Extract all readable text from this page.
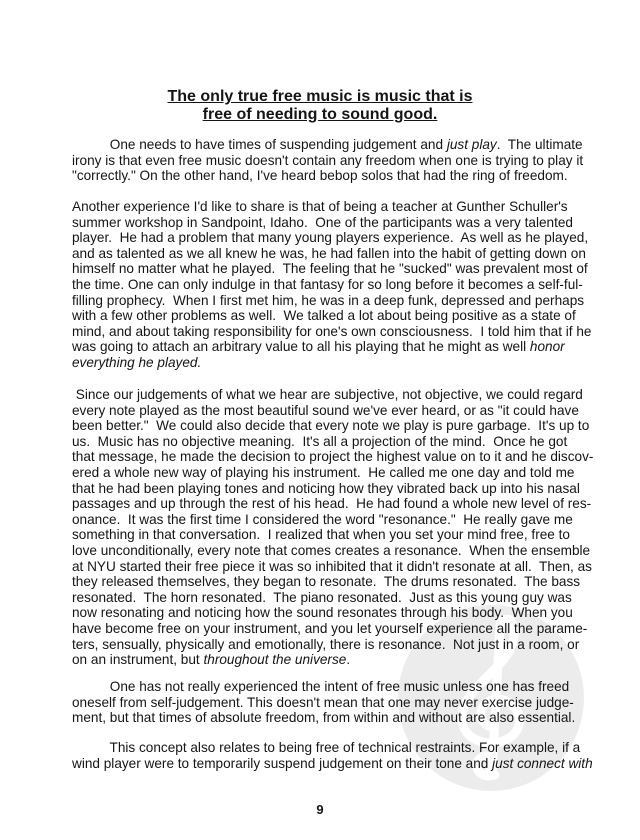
The only true free music is music that is
free of needing to sound good.
One needs to have times of suspending judgement and just play.  The ultimate
irony is that even free music doesn't contain any freedom when one is trying to play it
"correctly." On the other hand, I've heard bebop solos that had the ring of freedom.
Another experience I'd like to share is that of being a teacher at Gunther Schuller's
summer workshop in Sandpoint, Idaho.  One of the participants was a very talented
player.  He had a problem that many young players experience.  As well as he played,
and as talented as we all knew he was, he had fallen into the habit of getting down on
himself no matter what he played.  The feeling that he "sucked" was prevalent most of
the time. One can only indulge in that fantasy for so long before it becomes a self-ful-
filling prophecy.  When I first met him, he was in a deep funk, depressed and perhaps
with a few other problems as well.  We talked a lot about being positive as a state of
mind, and about taking responsibility for one's own consciousness.  I told him that if he
was going to attach an arbitrary value to all his playing that he might as well honor
everything he played.
Since our judgements of what we hear are subjective, not objective, we could regard
every note played as the most beautiful sound we've ever heard, or as "it could have
been better."  We could also decide that every note we play is pure garbage.  It's up to
us.  Music has no objective meaning.  It's all a projection of the mind.  Once he got
that message, he made the decision to project the highest value on to it and he discov-
ered a whole new way of playing his instrument.  He called me one day and told me
that he had been playing tones and noticing how they vibrated back up into his nasal
passages and up through the rest of his head.  He had found a whole new level of res-
onance.  It was the first time I considered the word "resonance."  He really gave me
something in that conversation.  I realized that when you set your mind free, free to
love unconditionally, every note that comes creates a resonance.  When the ensemble
at NYU started their free piece it was so inhibited that it didn't resonate at all.  Then, as
they released themselves, they began to resonate.  The drums resonated.  The bass
resonated.  The horn resonated.  The piano resonated.  Just as this young guy was
now resonating and noticing how the sound resonates through his body.  When you
have become free on your instrument, and you let yourself experience all the parame-
ters, sensually, physically and emotionally, there is resonance.  Not just in a room, or
on an instrument, but throughout the universe.
One has not really experienced the intent of free music unless one has freed
oneself from self-judgement. This doesn't mean that one may never exercise judge-
ment, but that times of absolute freedom, from within and without are also essential.
This concept also relates to being free of technical restraints. For example, if a
wind player were to temporarily suspend judgement on their tone and just connect with
9
